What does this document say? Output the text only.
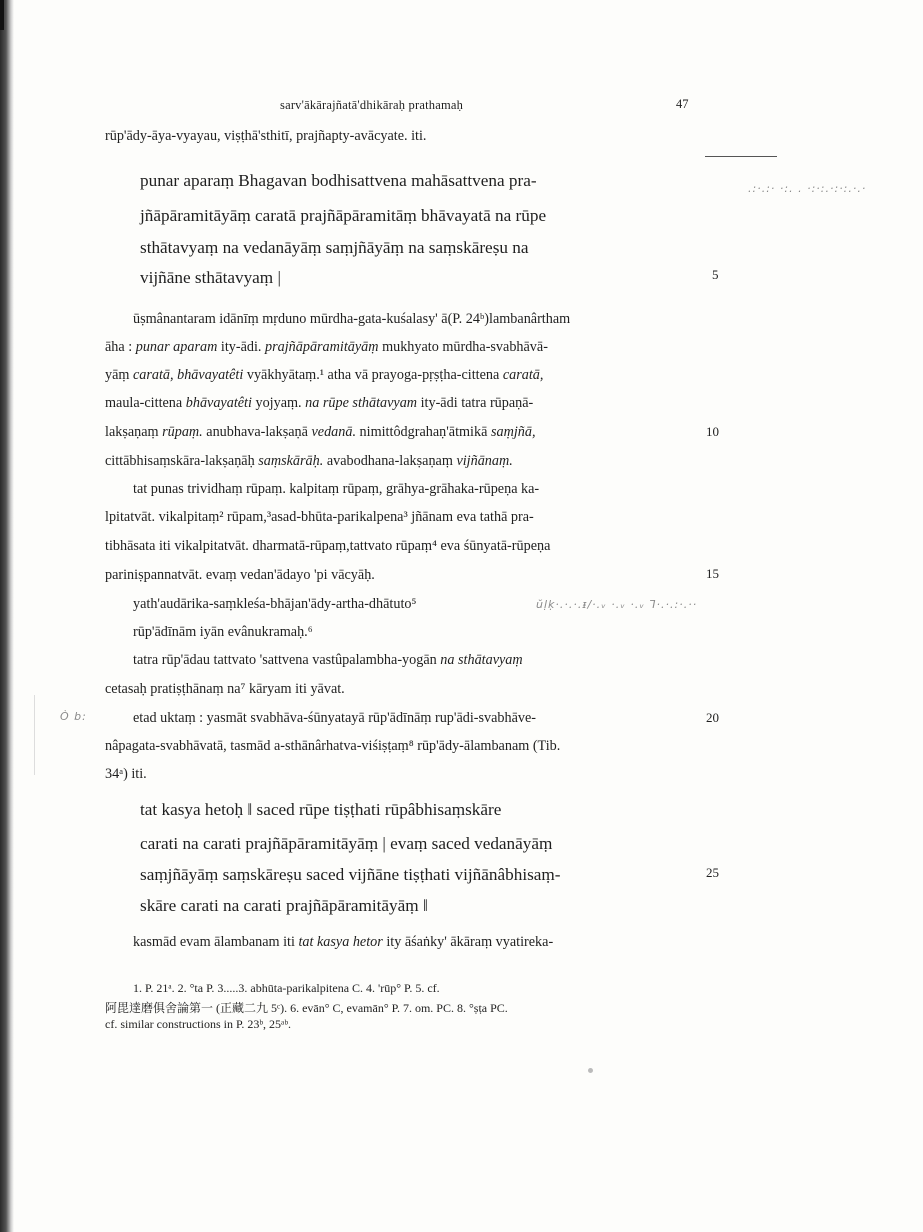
sarv'ākārajñatā'dhikāraḥ prathamaḥ	47
rūp'ādy-āya-vyayau, viṣṭhā'sthitī, prajñapty-avācyate. iti.
punar aparaṃ Bhagavan bodhisattvena mahāsattvena pra-
jñāpāramitāyāṃ caratā prajñāpāramitāṃ bhāvayatā na rūpe
sthātavyaṃ na vedanāyāṃ saṃjñāyāṃ na saṃskāreṣu na
vijñāne sthātavyaṃ |
ūṣmânantaram idānīṃ mṛduno mūrdha-gata-kuśalasy' ā(P. 24ᵇ)lambanârtham
āha : punar aparam ity-ādi. prajñāpāramitāyāṃ mukhyato mūrdha-svabhāvā-
yāṃ caratā, bhāvayatêti vyākhyātaṃ.¹ atha vā prayoga-pṛṣṭha-cittena caratā,
maula-cittena bhāvayatêti yojyaṃ. na rūpe sthātavyam ity-ādi tatra rūpaṇā-
lakṣaṇaṃ rūpaṃ. anubhava-lakṣaṇā vedanā. nimittôdgrahaṇ'ātmikā saṃjñā,
cittābhisaṃskāra-lakṣaṇāḥ saṃskārāḥ. avabodhana-lakṣaṇaṃ vijñānaṃ.
tat punas trividhaṃ rūpaṃ. kalpitaṃ rūpaṃ, grāhya-grāhaka-rūpeṇa ka-
lpitatvāt. vikalpitaṃ² rūpam,³asad-bhūta-parikalpena³ jñānam eva tathā pra-
tibhāsata iti vikalpitatvāt. dharmatā-rūpaṃ,tattvato rūpaṃ⁴ eva śūnyatā-rūpeṇa
pariniṣpannatvāt. evaṃ vedan'ādayo 'pi vācyāḥ.
yath'audārika-saṃkleśa-bhājan'ādy-artha-dhātuto⁵
rūp'ādīnām iyān evânukramaḥ.⁶
tatra rūp'ādau tattvato 'sattvena vastûpalambha-yogān na sthātavyaṃ
cetasaḥ pratiṣṭhānaṃ na⁷ kāryam iti yāvat.
etad uktaṃ : yasmāt svabhāva-śūnyatayā rūp'ādīnāṃ rup'ādi-svabhāve-
nâpagata-svabhāvatā, tasmād a-sthānârhatva-viśiṣṭaṃ⁸ rūp'ādy-ālambanam (Tib.
34ᵃ) iti.
tat kasya hetoḥ ‖ saced rūpe tiṣṭhati rūpâbhisaṃskāre
carati na carati prajñāpāramitāyāṃ | evaṃ saced vedanāyāṃ
saṃjñāyāṃ saṃskāreṣu saced vijñāne tiṣṭhati vijñānâbhisaṃ-
skāre carati na carati prajñāpāramitāyāṃ ‖
kasmād evam ālambanam iti tat kasya hetor ity āśaṅky' ākāraṃ vyatireka-
5
10
15
20
25
1. P. 21ᵃ. 2. °ta P. 3.....3. abhūta-parikalpitena C. 4. 'rūp° P. 5. cf.
阿毘達磨俱舍論第一 (正藏二九 5ᶜ). 6. evān° C, evamān° P. 7. om. PC. 8. °ṣṭa PC.
cf. similar constructions in P. 23ᵇ, 25ᵃᵇ.
.:·.:· ·:. . ·:·:.·:·:.·.·
ŭḷḳ·.·.·.ᵻ/·.ᵥ ·.ᵥ ·.ᵥ ⅂·.·.:·.··
Ò b:
